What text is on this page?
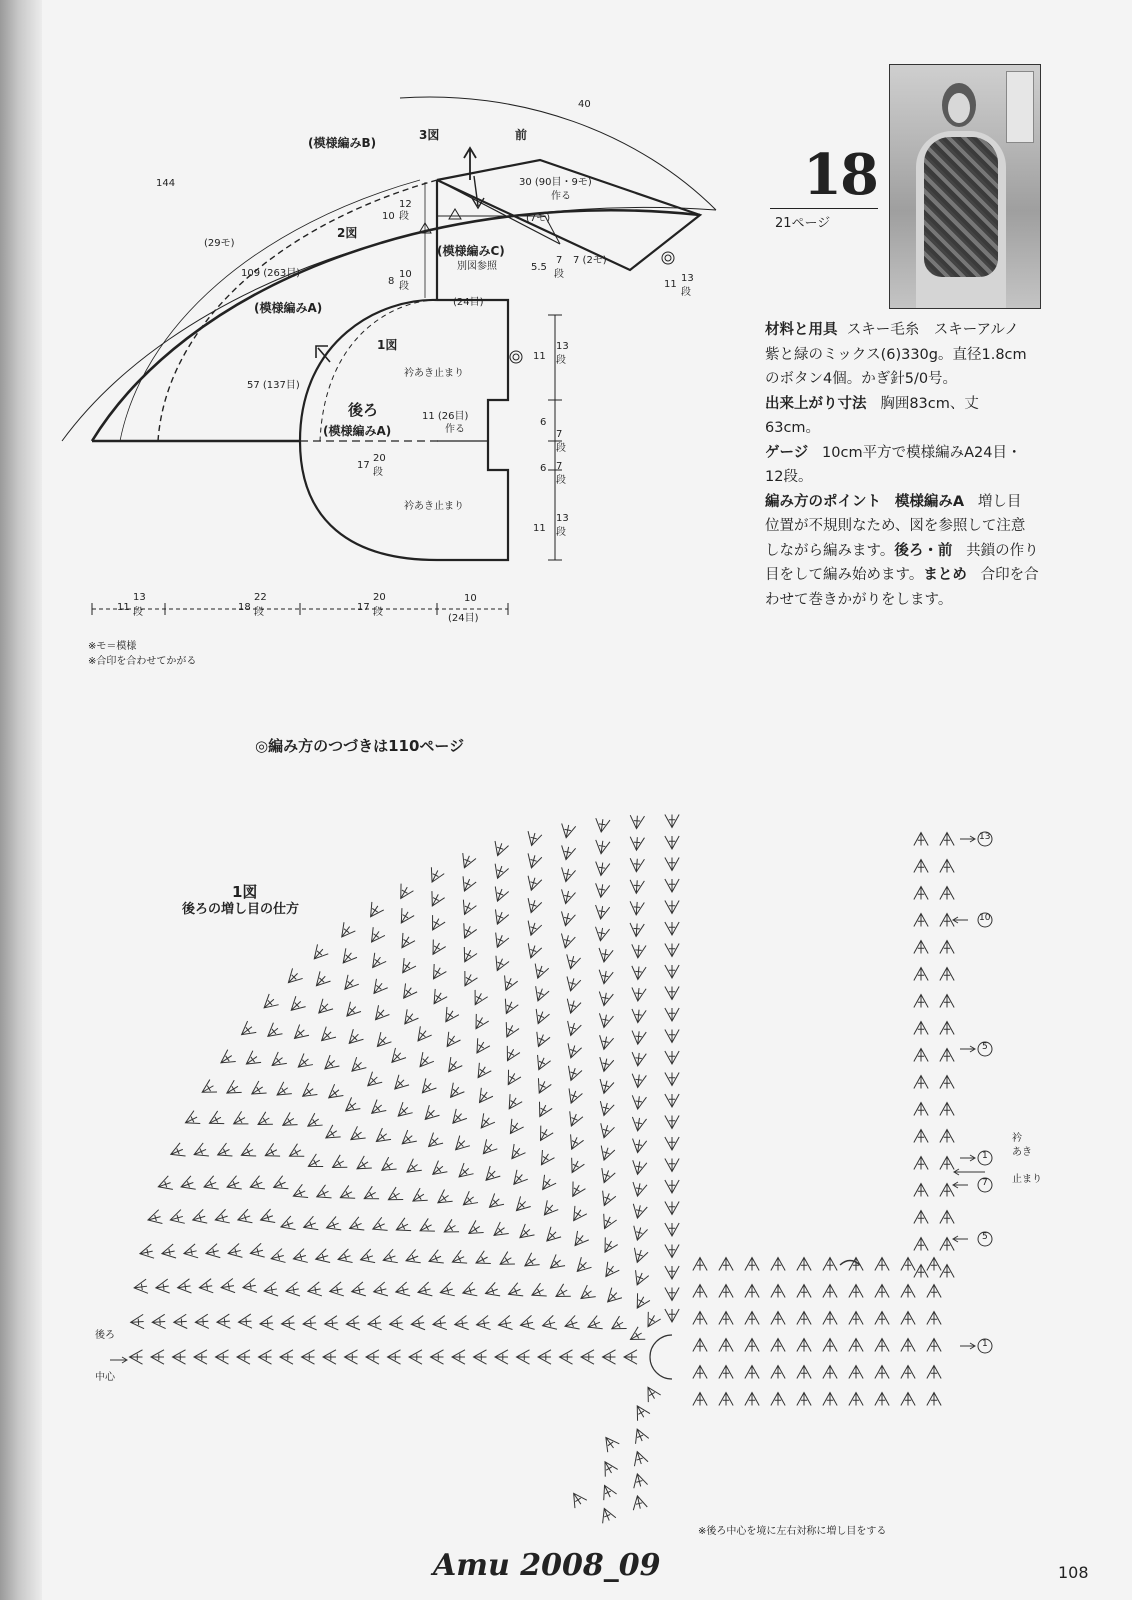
144
40
(模様編みB)
3図	前
2図
(29モ)
109 (263目)
(模様編みA)
57 (137目)
30 (90目・9モ)
作る
(7モ)
7 (2モ)
5.5
(模様編みC)
別図参照
(24目)
1図
衿あき止まり
後ろ
(模様編みA)
11 (26目)
作る
衿あき止まり
10
12
段
8
10
段
7
段
11
13
段
11
13
段
6
7
段
6 7
段
11
13
段
17
20
段
11
13
段	18
22
段	17
20
段
10
(24目)
※モ＝模様
※合印を合わせてかがる
◎編み方のつづきは110ページ
18
21ページ

材料と用具 スキー毛糸　スキーアルノ

紫と緑のミックス(6)330g。直径1.8cm

のボタン4個。かぎ針5/0号。

出来上がり寸法 胸囲83cm、丈

63cm。

ゲージ 10cm平方で模様編みA24目・

12段。

編み方のポイント 模様編みA 増し目

位置が不規則なため、図を参照して注意

しながら編みます。後ろ・前 共鎖の作り

目をして編み始めます。まとめ 合印を合

わせて巻きかがりをします。

1図
後ろの増し目の仕方
後ろ
中心
衿
あき
止まり
13
10
5
1
7
5
1
※後ろ中心を境に左右対称に増し目をする
Amu 2008_09	108
